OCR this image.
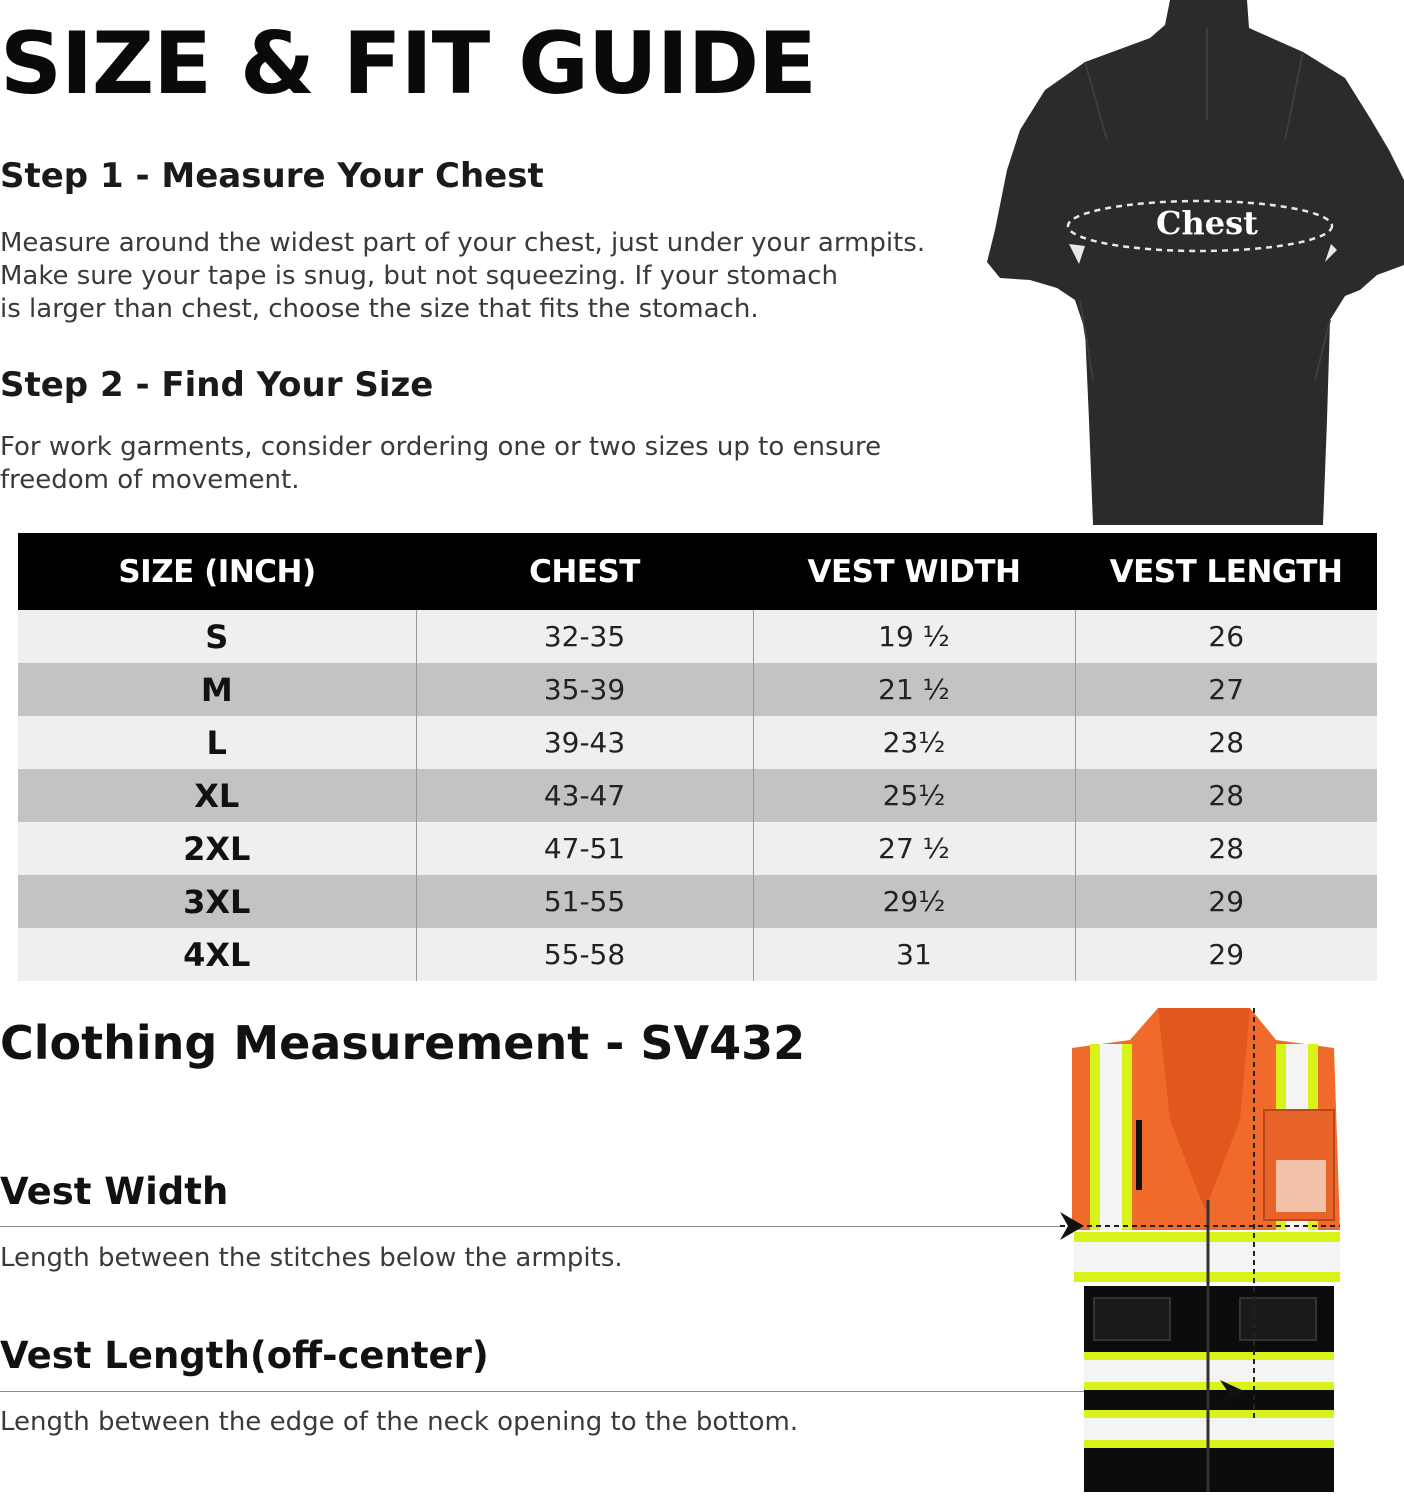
SIZE & FIT GUIDE
Step 1 - Measure Your Chest
Measure around the widest part of your chest, just under your armpits.
Make sure your tape is snug, but not squeezing. If your stomach
is larger than chest, choose the size that fits the stomach.
Step 2 - Find Your Size
For work garments, consider ordering one or two sizes up to ensure
freedom of movement.
Chest
SIZE (INCH)	CHEST	VEST WIDTH	VEST LENGTH
S	32-35	19 ½	26
M	35-39	21 ½	27
L	39-43	23½	28
XL	43-47	25½	28
2XL	47-51	27 ½	28
3XL	51-55	29½	29
4XL	55-58	31	29
Clothing Measurement - SV432
Vest Width
Length between the stitches below the armpits.
Vest Length(off-center)
Length between the edge of the neck opening to the bottom.
